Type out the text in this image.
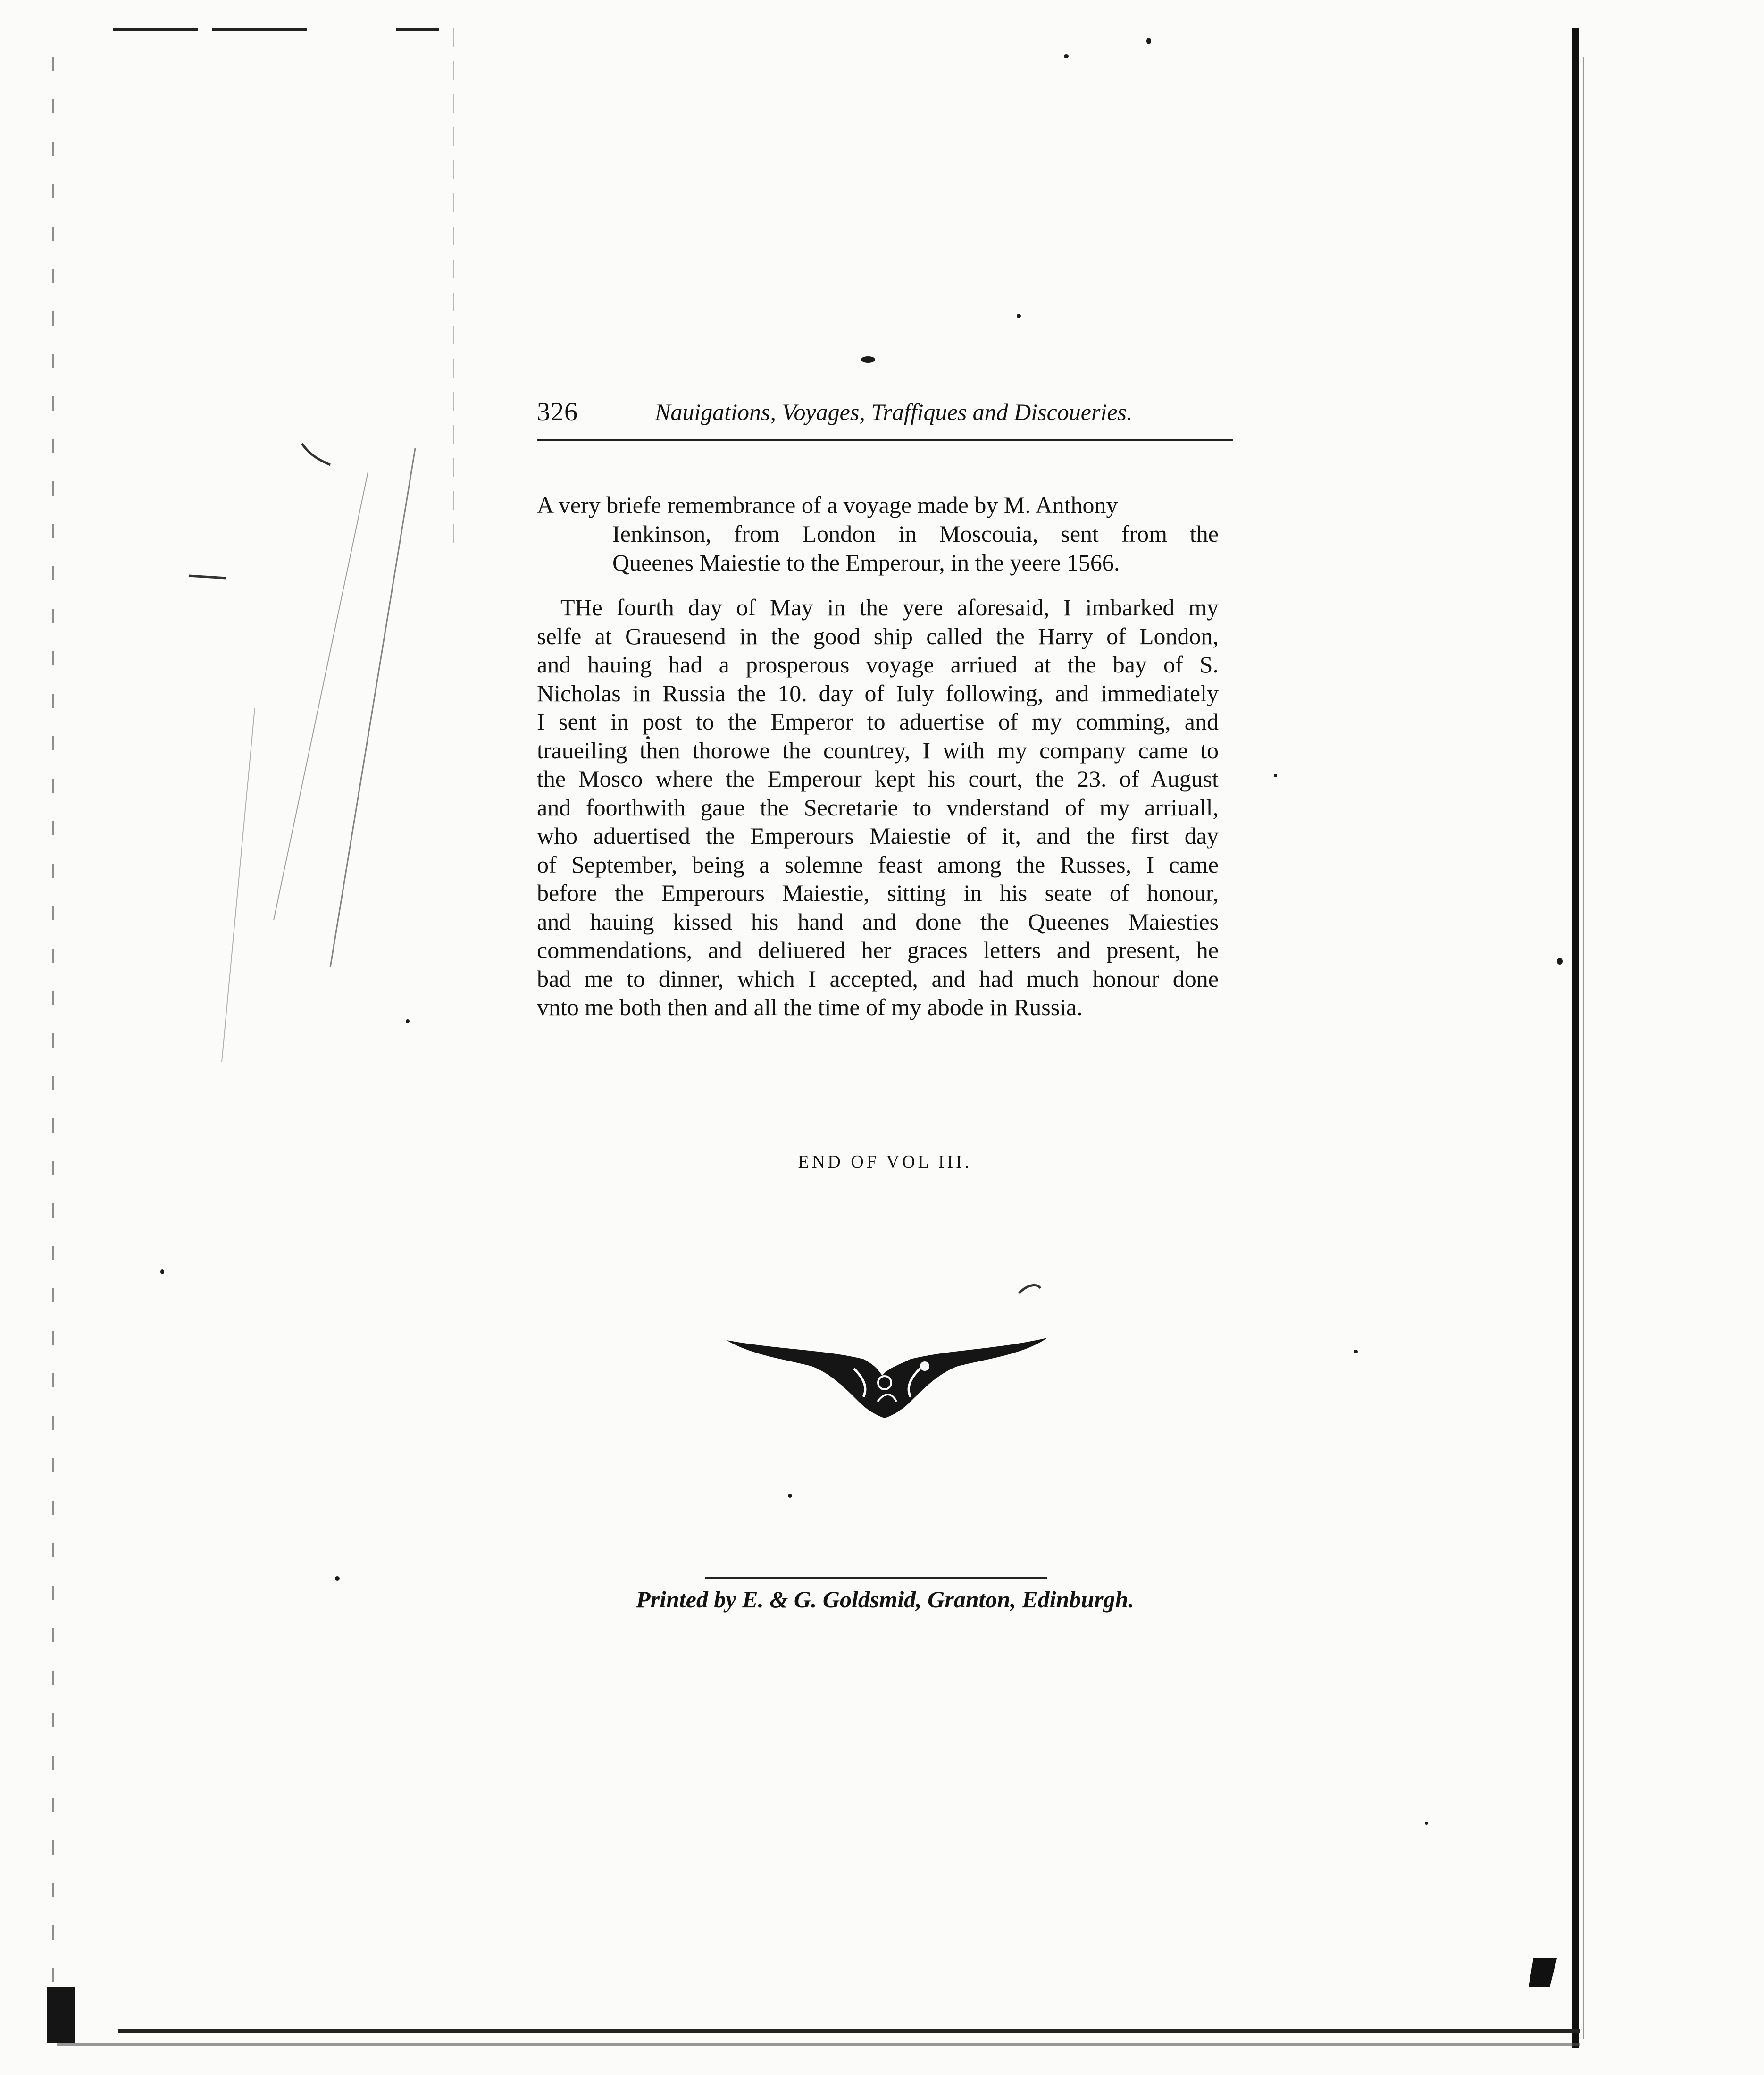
326	Nauigations, Voyages, Traffiques and Discoueries.
A very briefe remembrance of a voyage made by M. Anthony
Ienkinson, from London in Moscouia, sent from the
Queenes Maiestie to the Emperour, in the yeere 1566.
THe fourth day of May in the yere aforesaid, I imbarked my
selfe at Grauesend in the good ship called the Harry of London,
and hauing had a prosperous voyage arriued at the bay of S.
Nicholas in Russia the 10. day of Iuly following, and immediately
I sent in post to the Emperor to aduertise of my comming, and
traueiling then thorowe the countrey, I with my company came to
the Mosco where the Emperour kept his court, the 23. of August
and foorthwith gaue the Secretarie to vnderstand of my arriuall,
who aduertised the Emperours Maiestie of it, and the first day
of September, being a solemne feast among the Russes, I came
before the Emperours Maiestie, sitting in his seate of honour,
and hauing kissed his hand and done the Queenes Maiesties
commendations, and deliuered her graces letters and present, he
bad me to dinner, which I accepted, and had much honour done
vnto me both then and all the time of my abode in Russia.
END OF VOL III.
Printed by E. & G. Goldsmid, Granton, Edinburgh.
